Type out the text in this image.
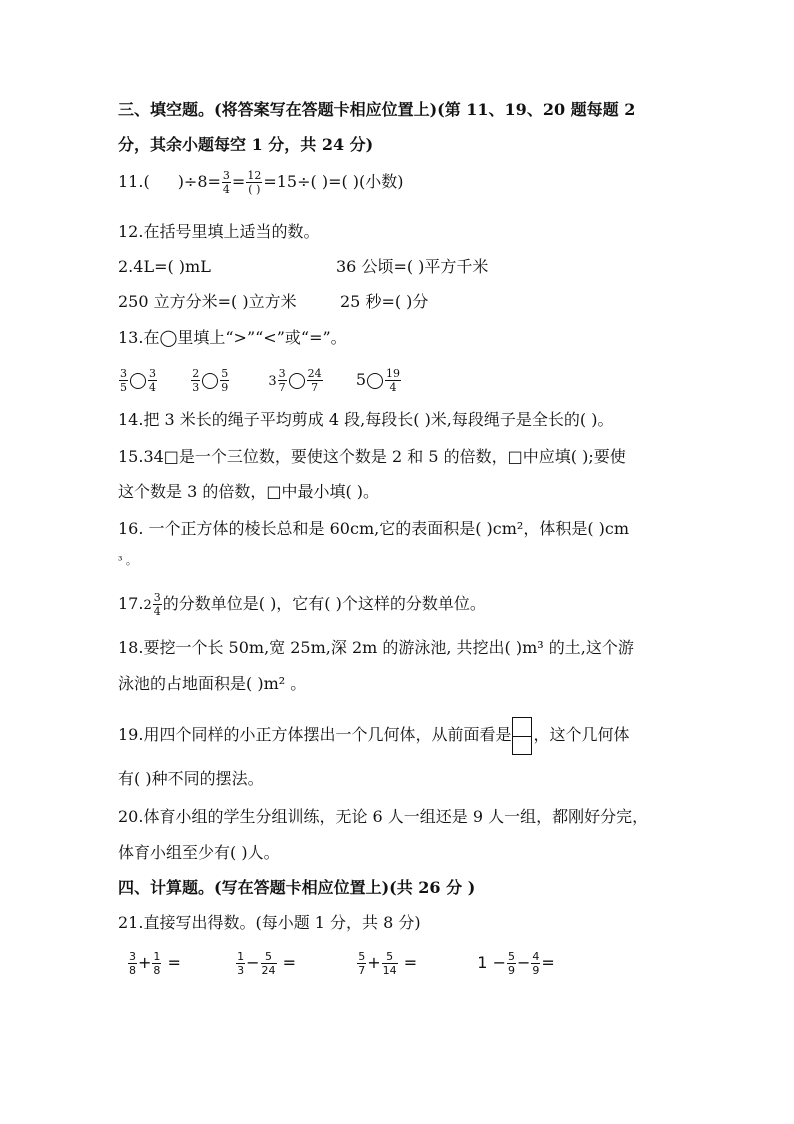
三、填空题。(将答案写在答题卡相应位置上)(第 11、19、20 题每题 2
分，其余小题每空 1 分，共 24 分)
11.( )$\div 8= \frac{3}{4} = \frac{12}{( )} =15\div$( )=( )(小数)
12.在括号里填上适当的数。
2.4L=( )mL	36 公顷=( )平方千米
250 立方分米=( )立方米	25 秒=( )分
13.在◯里填上“>”“<”或“=”。
$\frac{3}{5} \frac{3}{4}$
	$\frac{2}{3} \frac{5}{9}$	$3 \frac{3}{7} \frac{24}{7} 5 \frac{19}{4}$
14.把 3 米长的绳子平均剪成 4 段,每段长( )米,每段绳子是全长的( )。
15.34□是一个三位数，要使这个数是 2 和 5 的倍数，□中应填( );要使
这个数是 3 的倍数，□中最小填( )。
16. 一个正方体的棱长总和是 60cm,它的表面积是( )cm²，体积是( )cm
³ 。
$17.2 \frac{3}{4}$ 的分数单位是( )，它有( )个这样的分数单位。
18.要挖一个长 50m,宽 25m,深 2m 的游泳池, 共挖出( )m³ 的土,这个游
泳池的占地面积是( )m² 。
19.用四个同样的小正方体摆出一个几何体，从前面看是 ，这个几何体
有( )种不同的摆法。
20.体育小组的学生分组训练，无论 6 人一组还是 9 人一组，都刚好分完，
体育小组至少有( )人。
四、计算题。(写在答题卡相应位置上)(共 26 分 )
21.直接写出得数。(每小题 1 分，共 8 分)
$\frac{3}{8} + \frac{1}{8}$ =	$\frac{1}{3} - \frac{5}{24}$ =	$\frac{5}{7} + \frac{5}{14}$ =	$1 - \frac{5}{9} - \frac{4}{9}$ =
